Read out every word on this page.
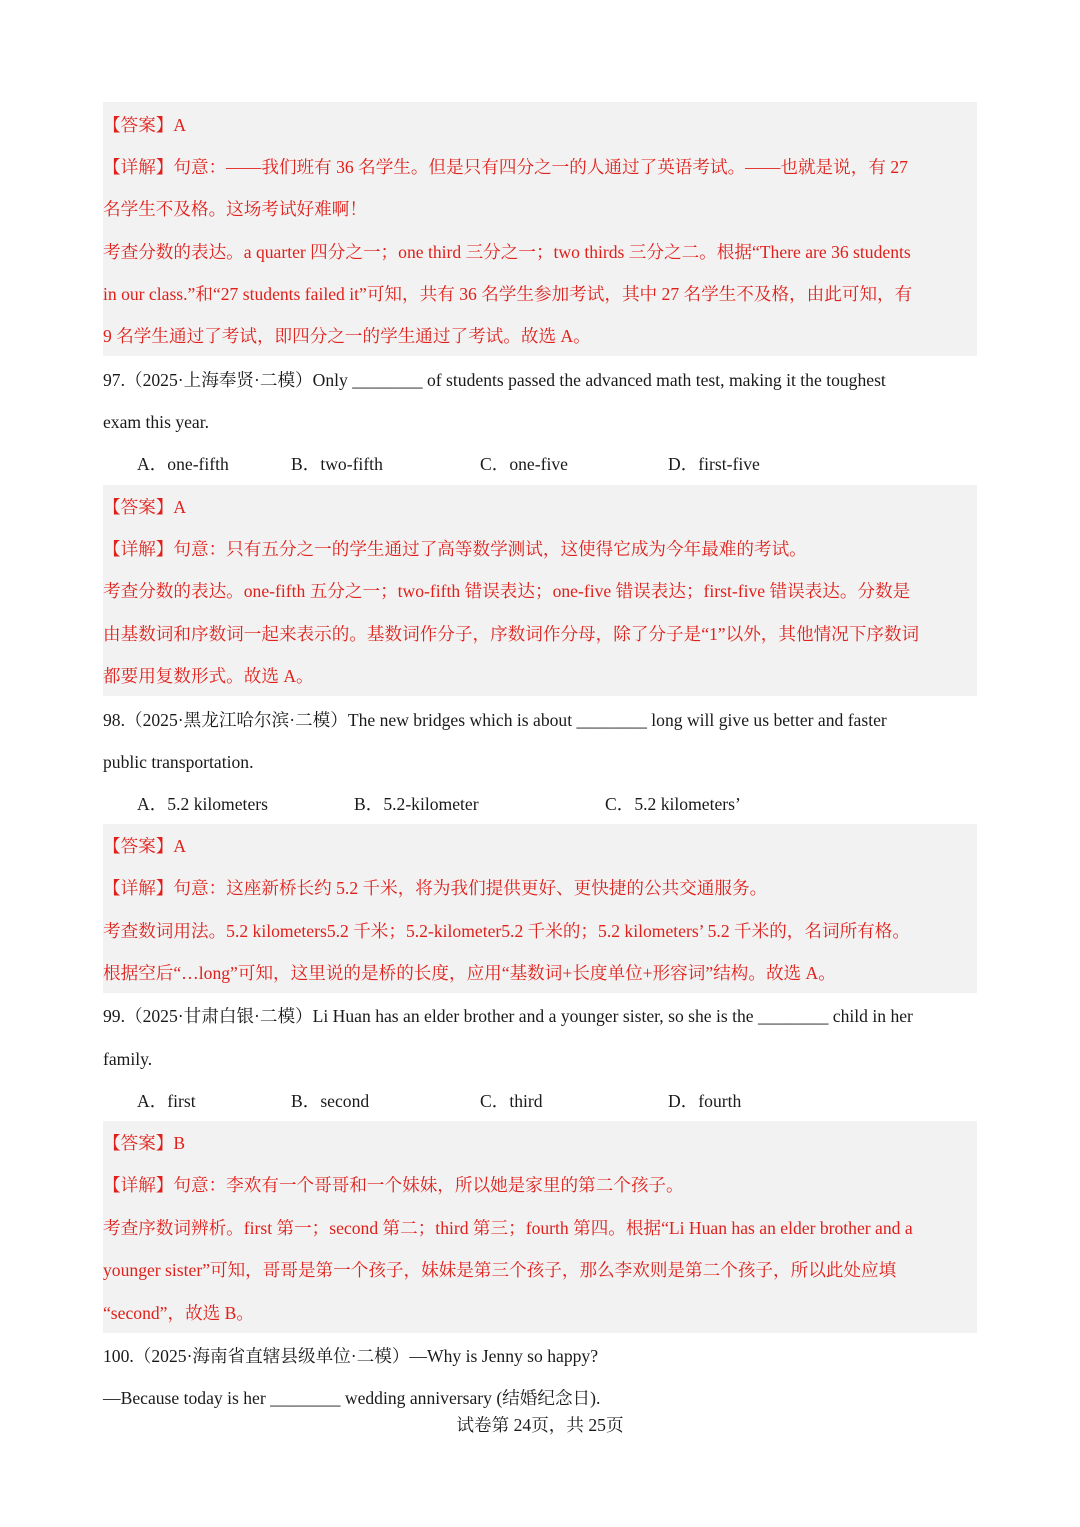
【答案】A
【详解】句意：——我们班有 36 名学生。但是只有四分之一的人通过了英语考试。——也就是说，有 27
名学生不及格。这场考试好难啊！
考查分数的表达。a quarter 四分之一；one third 三分之一；two thirds 三分之二。根据“There are 36 students
in our class.”和“27 students failed it”可知，共有 36 名学生参加考试，其中 27 名学生不及格，由此可知，有
9 名学生通过了考试，即四分之一的学生通过了考试。故选 A。
97.（2025·上海奉贤·二模）Only ________ of students passed the advanced math test, making it the toughest
exam this year.
A．one-fifth	B．two-fifth	C．one-five	D．first-five
【答案】A
【详解】句意：只有五分之一的学生通过了高等数学测试，这使得它成为今年最难的考试。
考查分数的表达。one-fifth 五分之一；two-fifth 错误表达；one-five 错误表达；first-five 错误表达。分数是
由基数词和序数词一起来表示的。基数词作分子，序数词作分母，除了分子是“1”以外，其他情况下序数词
都要用复数形式。故选 A。
98.（2025·黑龙江哈尔滨·二模）The new bridges which is about ________ long will give us better and faster
public transportation.
A．5.2 kilometers	B．5.2-kilometer	C．5.2 kilometers’
【答案】A
【详解】句意：这座新桥长约 5.2 千米，将为我们提供更好、更快捷的公共交通服务。
考查数词用法。5.2 kilometers5.2 千米；5.2-kilometer5.2 千米的；5.2 kilometers’ 5.2 千米的，名词所有格。
根据空后“…long”可知，这里说的是桥的长度，应用“基数词+长度单位+形容词”结构。故选 A。
99.（2025·甘肃白银·二模）Li Huan has an elder brother and a younger sister, so she is the ________ child in her
family.
A．first	B．second	C．third	D．fourth
【答案】B
【详解】句意：李欢有一个哥哥和一个妹妹，所以她是家里的第二个孩子。
考查序数词辨析。first 第一；second 第二；third 第三；fourth 第四。根据“Li Huan has an elder brother and a
younger sister”可知，哥哥是第一个孩子，妹妹是第三个孩子，那么李欢则是第二个孩子，所以此处应填
“second”，故选 B。
100.（2025·海南省直辖县级单位·二模）—Why is Jenny so happy?
—Because today is her ________ wedding anniversary (结婚纪念日).
试卷第 24页，共 25页
